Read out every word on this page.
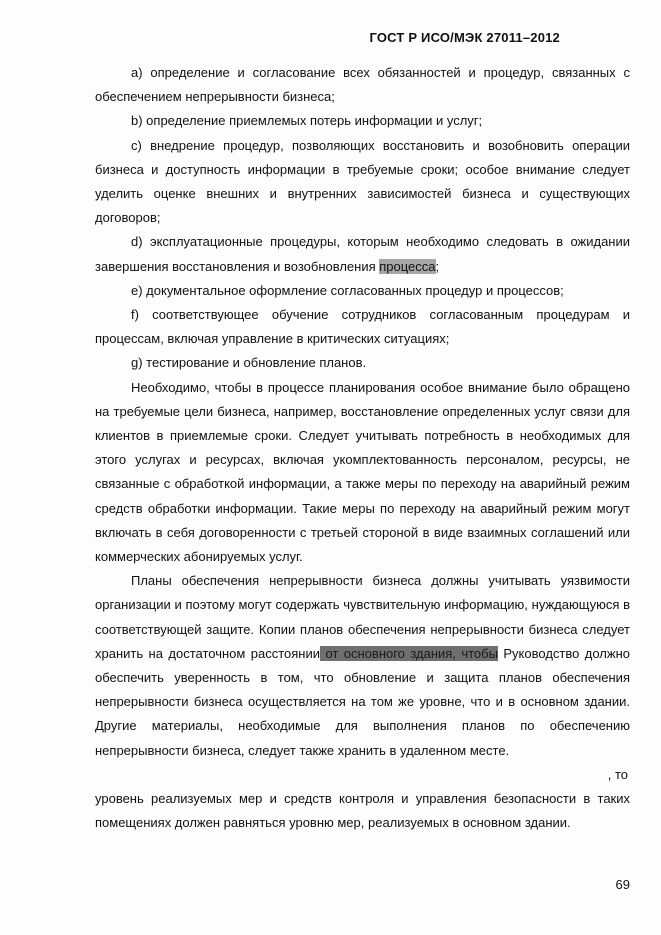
ГОСТ Р ИСО/МЭК 27011–2012

а) определение и согласование всех обязанностей и процедур, связанных с обеспечением непрерывности бизнеса;

b) определение приемлемых потерь информации и услуг;

с) внедрение процедур, позволяющих восстановить и возобновить операции бизнеса и доступность информации в требуемые сроки; особое внимание следует уделить оценке внешних и внутренних зависимостей бизнеса и существующих договоров;

d) эксплуатационные процедуры, которым необходимо следовать в ожидании завершения восстановления и возобновления процесса;

е) документальное оформление согласованных процедур и процессов;

f) соответствующее обучение сотрудников согласованным процедурам и процессам, включая управление в критических ситуациях;

g) тестирование и обновление планов.

Необходимо, чтобы в процессе планирования особое внимание было обращено на требуемые цели бизнеса, например, восстановление определенных услуг связи для клиентов в приемлемые сроки. Следует учитывать потребность в необходимых для этого услугах и ресурсах, включая укомплектованность персоналом, ресурсы, не связанные с обработкой информации, а также меры по переходу на аварийный режим средств обработки информации. Такие меры по переходу на аварийный режим могут включать в себя договоренности с третьей стороной в виде взаимных соглашений или коммерческих абонируемых услуг.

Планы обеспечения непрерывности бизнеса должны учитывать уязвимости организации и поэтому могут содержать чувствительную информацию, нуждающуюся в соответствующей защите. Копии планов обеспечения непрерывности бизнеса следует хранить на достаточном расстоянии от основного здания, чтобы Руководство должно обеспечить уверенность в том, что обновление и защита планов обеспечения непрерывности бизнеса осуществляется на том же уровне, что и в основном здании. Другие материалы, необходимые для выполнения планов по обеспечению непрерывности бизнеса, следует также хранить в удаленном месте.

, то

уровень реализуемых мер и средств контроля и управления безопасности в таких помещениях должен равняться уровню мер, реализуемых в основном здании.

69
